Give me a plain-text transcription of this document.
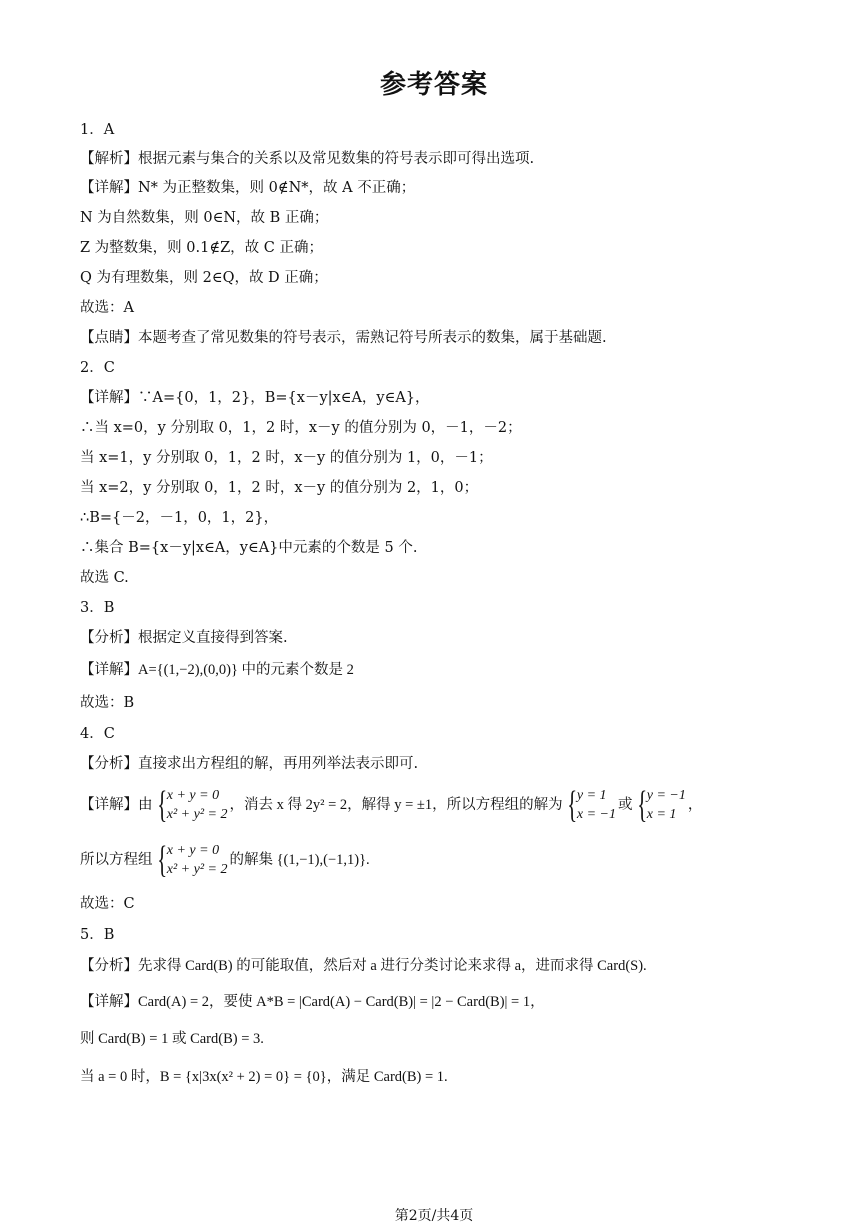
参考答案
1．A
【解析】根据元素与集合的关系以及常见数集的符号表示即可得出选项.
【详解】N* 为正整数集，则 0∉N*，故 A 不正确；
N 为自然数集，则 0∈N，故 B 正确；
Z 为整数集，则 0.1∉Z，故 C 正确；
Q 为有理数集，则 2∈Q，故 D 正确；
故选：A
【点睛】本题考查了常见数集的符号表示，需熟记符号所表示的数集，属于基础题.
2．C
【详解】∵A={0，1，2}，B={x－y|x∈A，y∈A}，
∴当 x=0，y 分别取 0，1，2 时，x－y 的值分别为 0，－1，－2；
当 x=1，y 分别取 0，1，2 时，x－y 的值分别为 1，0，－1；
当 x=2，y 分别取 0，1，2 时，x－y 的值分别为 2，1，0；
∴B={－2，－1，0，1，2}，
∴集合 B={x－y|x∈A，y∈A}中元素的个数是 5 个.
故选 C.
3．B
【分析】根据定义直接得到答案.
【详解】A={(1,−2),(0,0)} 中的元素个数是 2
故选：B
4．C
【分析】直接求出方程组的解，再用列举法表示即可.
【详解】由 { x + y = 0
x² + y² = 2
，消去 x 得 2y² = 2，解得 y = ±1，所以方程组的解为 { y = 1
x = −1
或 { y = −1
x = 1
，
所以方程组 { x + y = 0
x² + y² = 2
的解集 {(1,−1),(−1,1)}.
故选：C
5．B
【分析】先求得 Card(B) 的可能取值，然后对 a 进行分类讨论来求得 a，进而求得 Card(S).
【详解】Card(A) = 2，要使 A*B = |Card(A) − Card(B)| = |2 − Card(B)| = 1，
则 Card(B) = 1 或 Card(B) = 3.
当 a = 0 时，B = {x|3x(x² + 2) = 0} = {0}，满足 Card(B) = 1.
第2页/共4页
